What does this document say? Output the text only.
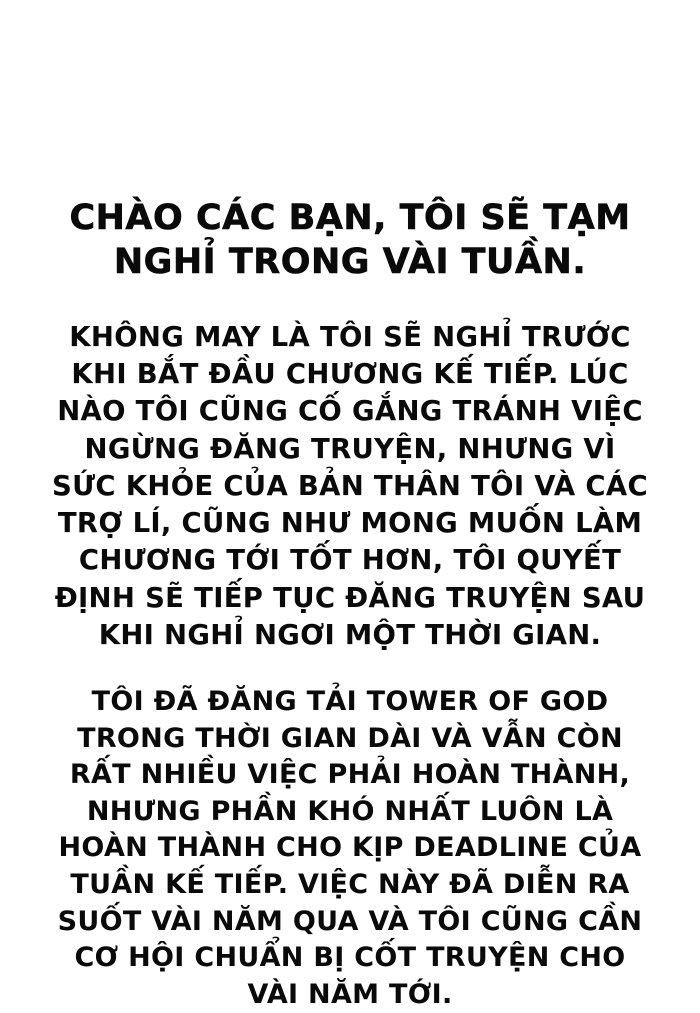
CHÀO CÁC BẠN, TÔI SẼ TẠM NGHỈ TRONG VÀI TUẦN.

KHÔNG MAY LÀ TÔI SẼ NGHỈ TRƯỚC KHI BẮT ĐẦU CHƯƠNG KẾ TIẾP. LÚC NÀO TÔI CŨNG CỐ GẮNG TRÁNH VIỆC NGỪNG ĐĂNG TRUYỆN, NHƯNG VÌ SỨC KHỎE CỦA BẢN THÂN TÔI VÀ CÁC TRỢ LÍ, CŨNG NHƯ MONG MUỐN LÀM CHƯƠNG TỚI TỐT HƠN, TÔI QUYẾT ĐỊNH SẼ TIẾP TỤC ĐĂNG TRUYỆN SAU KHI NGHỈ NGƠI MỘT THỜI GIAN.

TÔI ĐÃ ĐĂNG TẢI TOWER OF GOD TRONG THỜI GIAN DÀI VÀ VẪN CÒN RẤT NHIỀU VIỆC PHẢI HOÀN THÀNH, NHƯNG PHẦN KHÓ NHẤT LUÔN LÀ HOÀN THÀNH CHO KỊP DEADLINE CỦA TUẦN KẾ TIẾP. VIỆC NÀY ĐÃ DIỄN RA SUỐT VÀI NĂM QUA VÀ TÔI CŨNG CẦN CƠ HỘI CHUẨN BỊ CỐT TRUYỆN CHO VÀI NĂM TỚI.
